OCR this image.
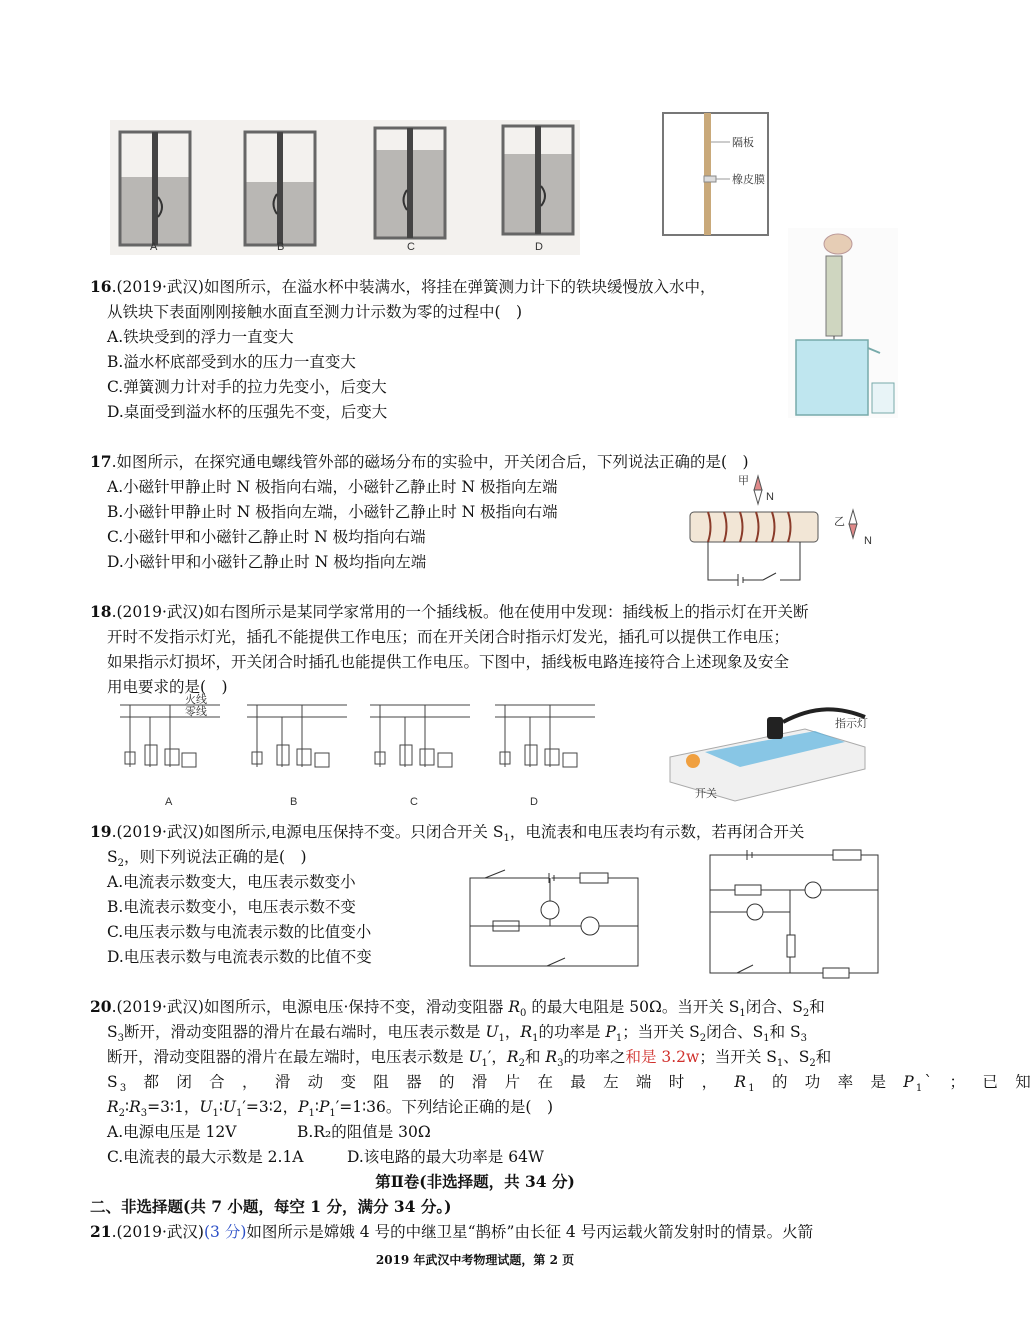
A	B	C	D
隔板
橡皮膜
16.(2019·武汉)如图所示，在溢水杯中装满水，将挂在弹簧测力计下的铁块缓慢放入水中，
从铁块下表面刚刚接触水面直至测力计示数为零的过程中(　)
A.铁块受到的浮力一直变大
B.溢水杯底部受到水的压力一直变大
C.弹簧测力计对手的拉力先变小，后变大
D.桌面受到溢水杯的压强先不变，后变大
17.如图所示，在探究通电螺线管外部的磁场分布的实验中，开关闭合后，下列说法正确的是(　)
A.小磁针甲静止时 N 极指向右端，小磁针乙静止时 N 极指向左端
B.小磁针甲静止时 N 极指向左端，小磁针乙静止时 N 极指向右端
C.小磁针甲和小磁针乙静止时 N 极均指向右端
D.小磁针甲和小磁针乙静止时 N 极均指向左端
甲
N
乙
N
18.(2019·武汉)如右图所示是某同学家常用的一个插线板。他在使用中发现：插线板上的指示灯在开关断
开时不发指示灯光，插孔不能提供工作电压；而在开关闭合时指示灯发光，插孔可以提供工作电压；
如果指示灯损坏，开关闭合时插孔也能提供工作电压。下图中，插线板电路连接符合上述现象及安全
用电要求的是(　)
火线
零线
A	B	C	D
指示灯
开关
19.(2019·武汉)如图所示,电源电压保持不变。只闭合开关 $S_1$，电流表和电压表均有示数，若再闭合开关
$S_2$，则下列说法正确的是(　)
A.电流表示数变大，电压表示数变小
B.电流表示数变小，电压表示数不变
C.电压表示数与电流表示数的比值变小
D.电压表示数与电流表示数的比值不变
20.(2019·武汉)如图所示，电源电压·保持不变，滑动变阻器 $R_0$ 的最大电阻是 50Ω。当开关 $S_1$闭合、$S_2$和
$S_3$断开，滑动变阻器的滑片在最右端时，电压表示数是 $U_1$，$R_1$的功率是 $P_1$；当开关 $S_2$闭合、$S_1$和 $S_3$
断开，滑动变阻器的滑片在最左端时，电压表示数是 $U_1'$，$R_2$和 $R_3$的功率之和是 3.2w；当开关 $S_1$、$S_2$和
$S_3$ 都 闭 合 ， 滑 动 变 阻 器 的 滑 片 在 最 左 端 时 ， $R_1$ 的 功 率 是 $P_1`$ ； 已 知
$R_2∶R_3=3∶1$，$U_1∶U_1'=3∶2$，$P_1∶P_1'=1∶36$。下列结论正确的是(　)
A.电源电压是 12V	B.R₂的阻值是 30Ω
C.电流表的最大示数是 2.1A	D.该电路的最大功率是 64W
第Ⅱ卷(非选择题，共 34 分)
二、非选择题(共 7 小题，每空 1 分，满分 34 分。)
21.(2019·武汉)(3 分)如图所示是嫦娥 4 号的中继卫星“鹊桥”由长征 4 号丙运载火箭发射时的情景。火箭
2019 年武汉中考物理试题，第 2 页
